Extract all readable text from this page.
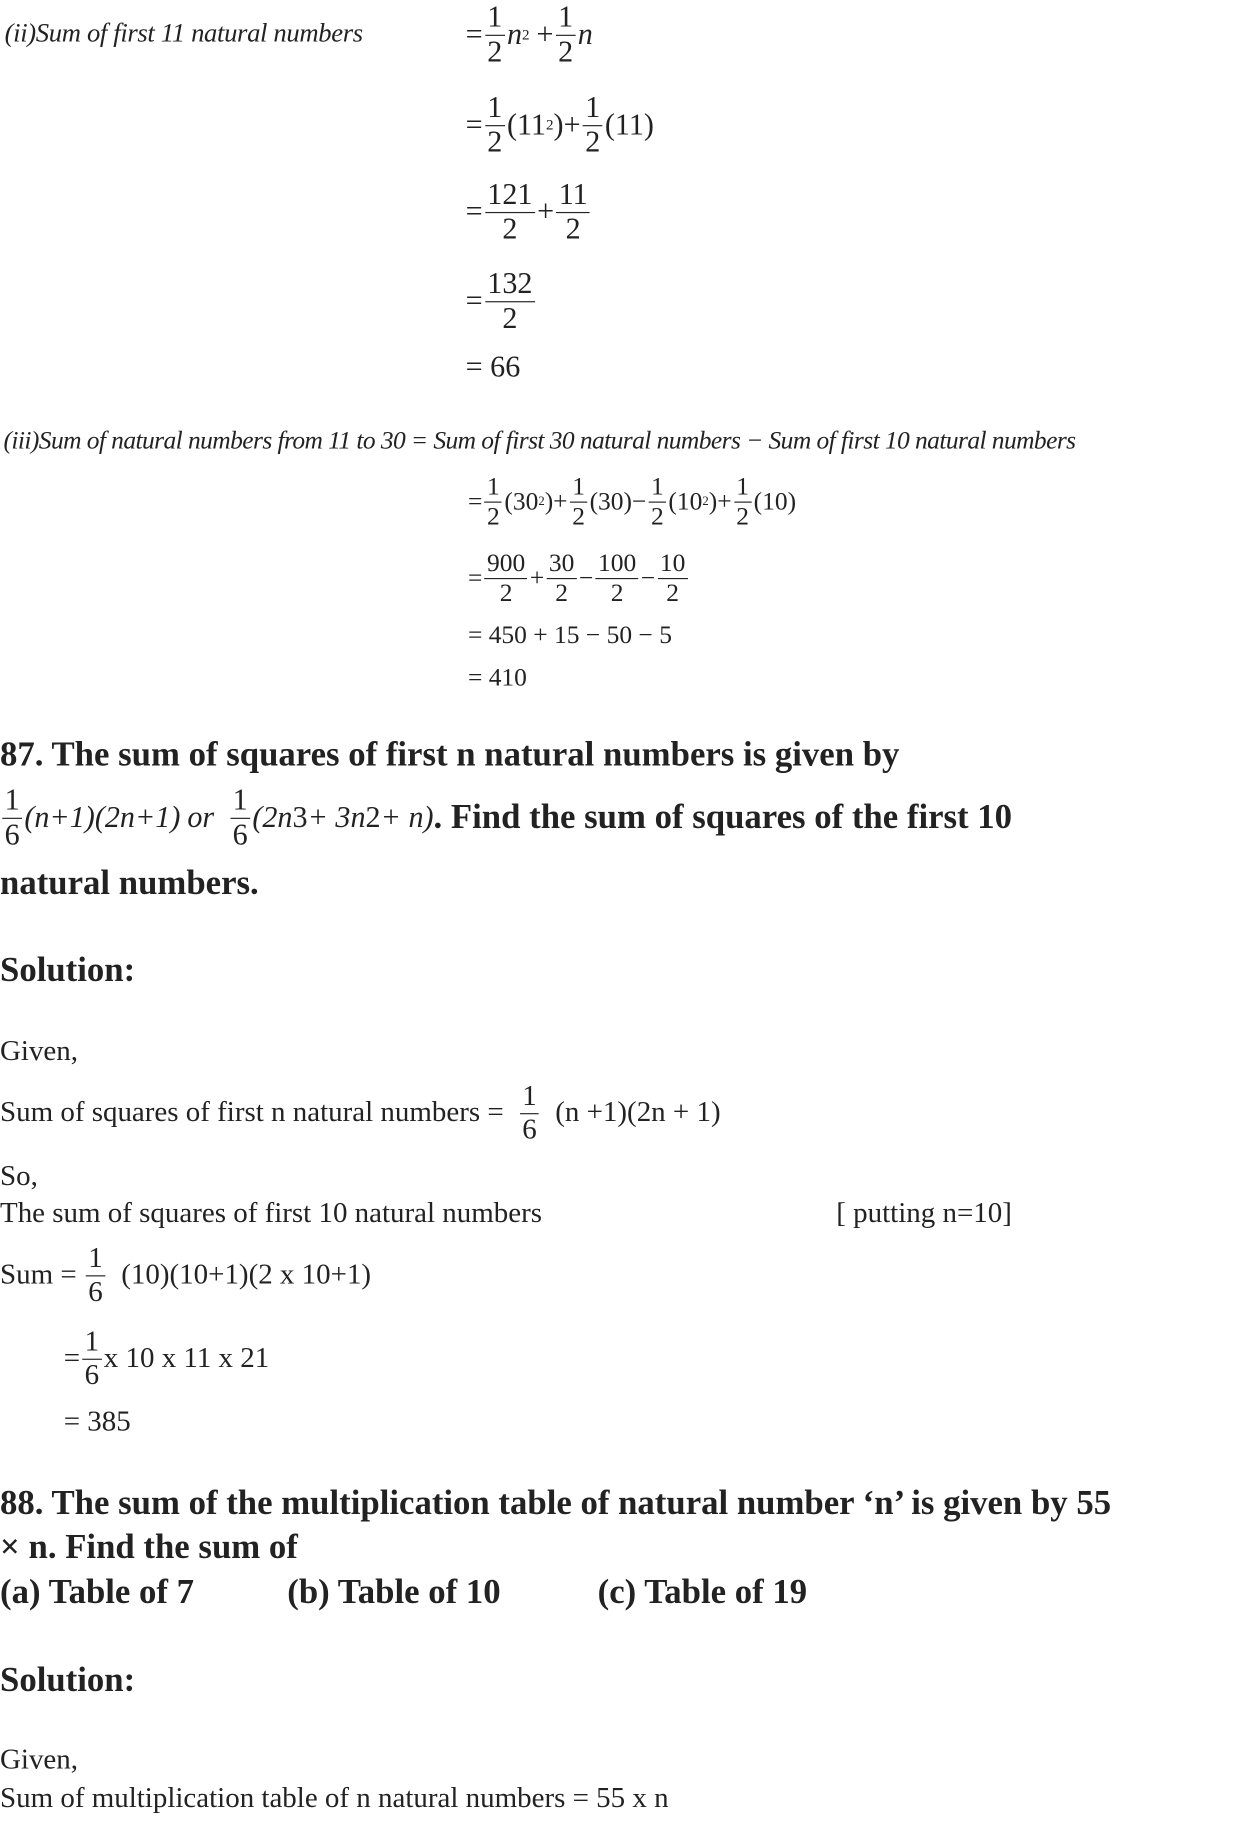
(ii)Sum of first 11 natural numbers	= $\frac{1}{2}$ n $2 + \frac{1}{2}$ n
= $\frac{1}{2} (11$ 2 ) + $\frac{1}{2} (11)$
= $\frac{121}{2} + \frac{11}{2}$
= $\frac{132}{2}$
= 66
(iii)Sum of natural numbers from 11 to 30 = Sum of first 30 natural numbers − Sum of first 10 natural numbers
= $\frac{1}{2} (30$ 2 ) + $\frac{1}{2} (30) - \frac{1}{2} (10$ 2 ) + $\frac{1}{2} (10)$
= $\frac{900}{2} + \frac{30}{2} - \frac{100}{2} - \frac{10}{2}$
= 450 + 15 − 50 − 5
= 410
87. The sum of squares of first n natural numbers is given by
$\frac{1}{6} (n+1)(2n+1)$ or $\frac{1}{6} (2n$ 3 + 3n 2 + n) . Find the sum of squares of the first 10
natural numbers.
Solution:
Given,
Sum of squares of first n natural numbers = $\frac{1}{6} (n +1)(2n + 1)$
So,
The sum of squares of first 10 natural numbers	[ putting n=10]
Sum = $\frac{1}{6} (10)(10+1)(2$ x 10+1)
= $\frac{1}{6}$ x 10 x 11 x 21
= 385
88. The sum of the multiplication table of natural number ‘n’ is given by 55
× n. Find the sum of
(a) Table of 7	(b) Table of 10	(c) Table of 19
Solution:
Given,
Sum of multiplication table of n natural numbers = 55 x n
